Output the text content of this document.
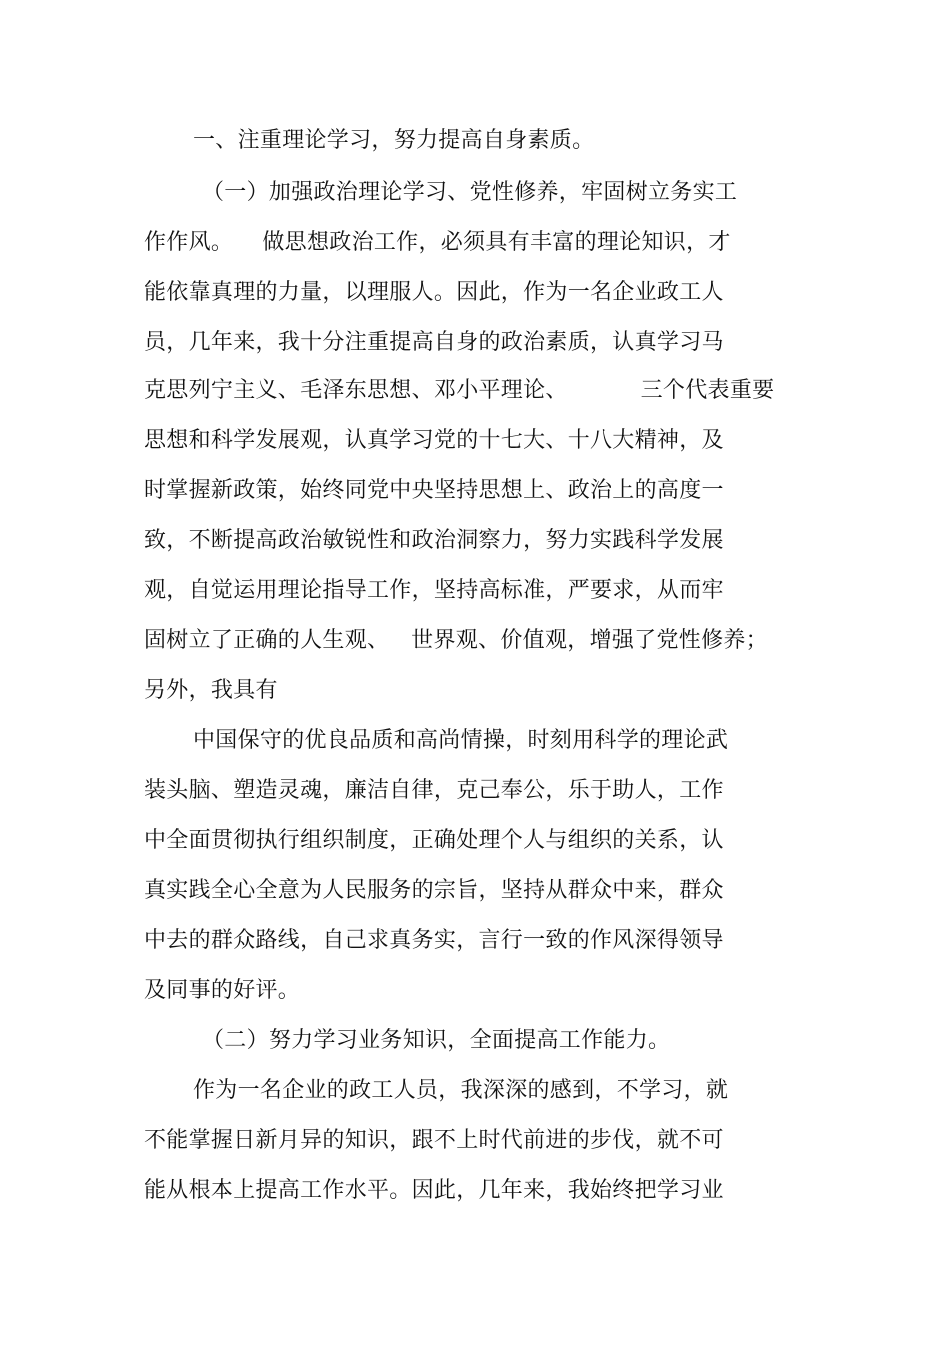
一、注重理论学习，努力提高自身素质。
（一）加强政治理论学习、党性修养，牢固树立务实工
作作风。    做思想政治工作，必须具有丰富的理论知识，才
能依靠真理的力量，以理服人。因此，作为一名企业政工人
员，几年来，我十分注重提高自身的政治素质，认真学习马
克思列宁主义、毛泽东思想、邓小平理论、          三个代表重要
思想和科学发展观，认真学习党的十七大、十八大精神，及
时掌握新政策，始终同党中央坚持思想上、政治上的高度一
致，不断提高政治敏锐性和政治洞察力，努力实践科学发展
观，自觉运用理论指导工作，坚持高标准，严要求，从而牢
固树立了正确的人生观、   世界观、价值观，增强了党性修养；
另外，我具有
中国保守的优良品质和高尚情操，时刻用科学的理论武
装头脑、塑造灵魂，廉洁自律，克己奉公，乐于助人，工作
中全面贯彻执行组织制度，正确处理个人与组织的关系，认
真实践全心全意为人民服务的宗旨，坚持从群众中来，群众
中去的群众路线，自己求真务实，言行一致的作风深得领导
及同事的好评。
（二）努力学习业务知识，全面提高工作能力。
作为一名企业的政工人员，我深深的感到，不学习，就
不能掌握日新月异的知识，跟不上时代前进的步伐，就不可
能从根本上提高工作水平。因此，几年来，我始终把学习业
